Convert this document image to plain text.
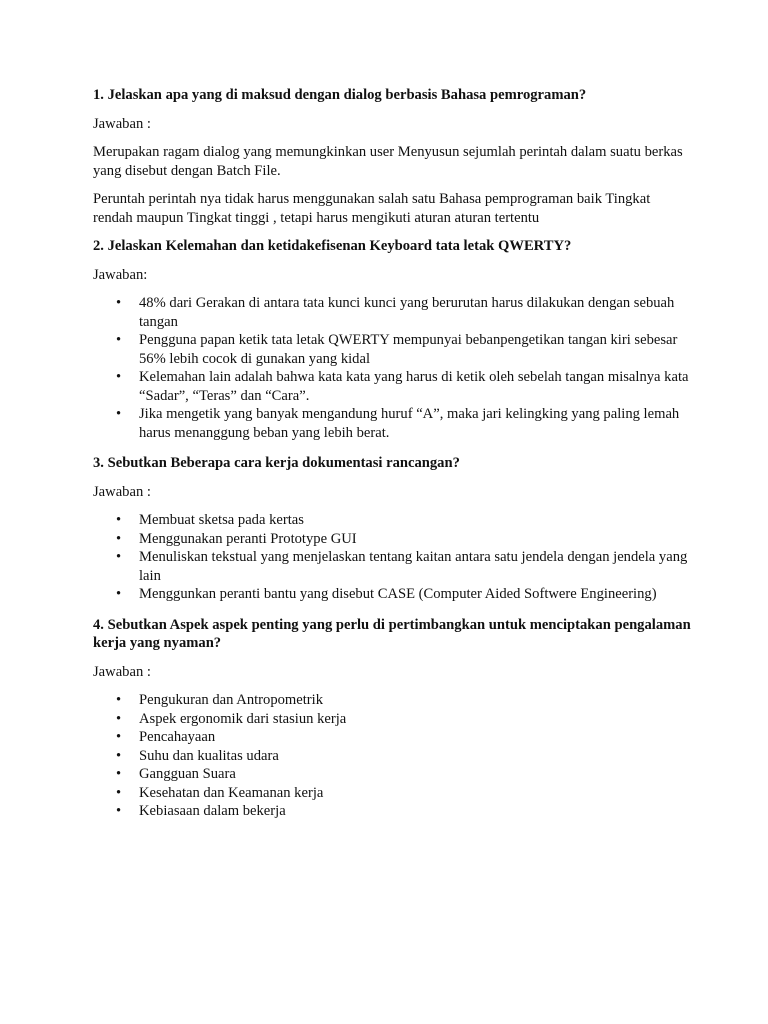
1. Jelaskan apa yang di maksud dengan dialog berbasis Bahasa pemrograman?

Jawaban :

Merupakan ragam dialog yang memungkinkan user Menyusun sejumlah perintah dalam suatu berkas yang disebut dengan Batch File.

Peruntah perintah nya tidak harus menggunakan salah satu Bahasa pemprograman baik Tingkat rendah maupun Tingkat tinggi , tetapi harus mengikuti aturan aturan tertentu

2. Jelaskan Kelemahan dan ketidakefisenan Keyboard tata letak QWERTY?

Jawaban:

• 48% dari Gerakan di antara tata kunci kunci yang berurutan harus dilakukan dengan sebuah tangan
• Pengguna papan ketik tata letak QWERTY mempunyai bebanpengetikan tangan kiri sebesar 56% lebih cocok di gunakan yang kidal
• Kelemahan lain adalah bahwa kata kata yang harus di ketik oleh sebelah tangan misalnya kata “Sadar”, “Teras” dan “Cara”.
• Jika mengetik yang banyak mengandung huruf “A”, maka jari kelingking yang paling lemah harus menanggung beban yang lebih berat.

3. Sebutkan Beberapa cara kerja dokumentasi rancangan?

Jawaban :

• Membuat sketsa pada kertas
• Menggunakan peranti Prototype GUI
• Menuliskan tekstual yang menjelaskan tentang kaitan antara satu jendela dengan jendela yang lain
• Menggunkan peranti bantu yang disebut CASE (Computer Aided Softwere Engineering)

4. Sebutkan Aspek aspek penting yang perlu di pertimbangkan untuk menciptakan pengalaman kerja yang nyaman?

Jawaban :

• Pengukuran dan Antropometrik
• Aspek ergonomik dari stasiun kerja
• Pencahayaan
• Suhu dan kualitas udara
• Gangguan Suara
• Kesehatan dan Keamanan kerja
• Kebiasaan dalam bekerja
